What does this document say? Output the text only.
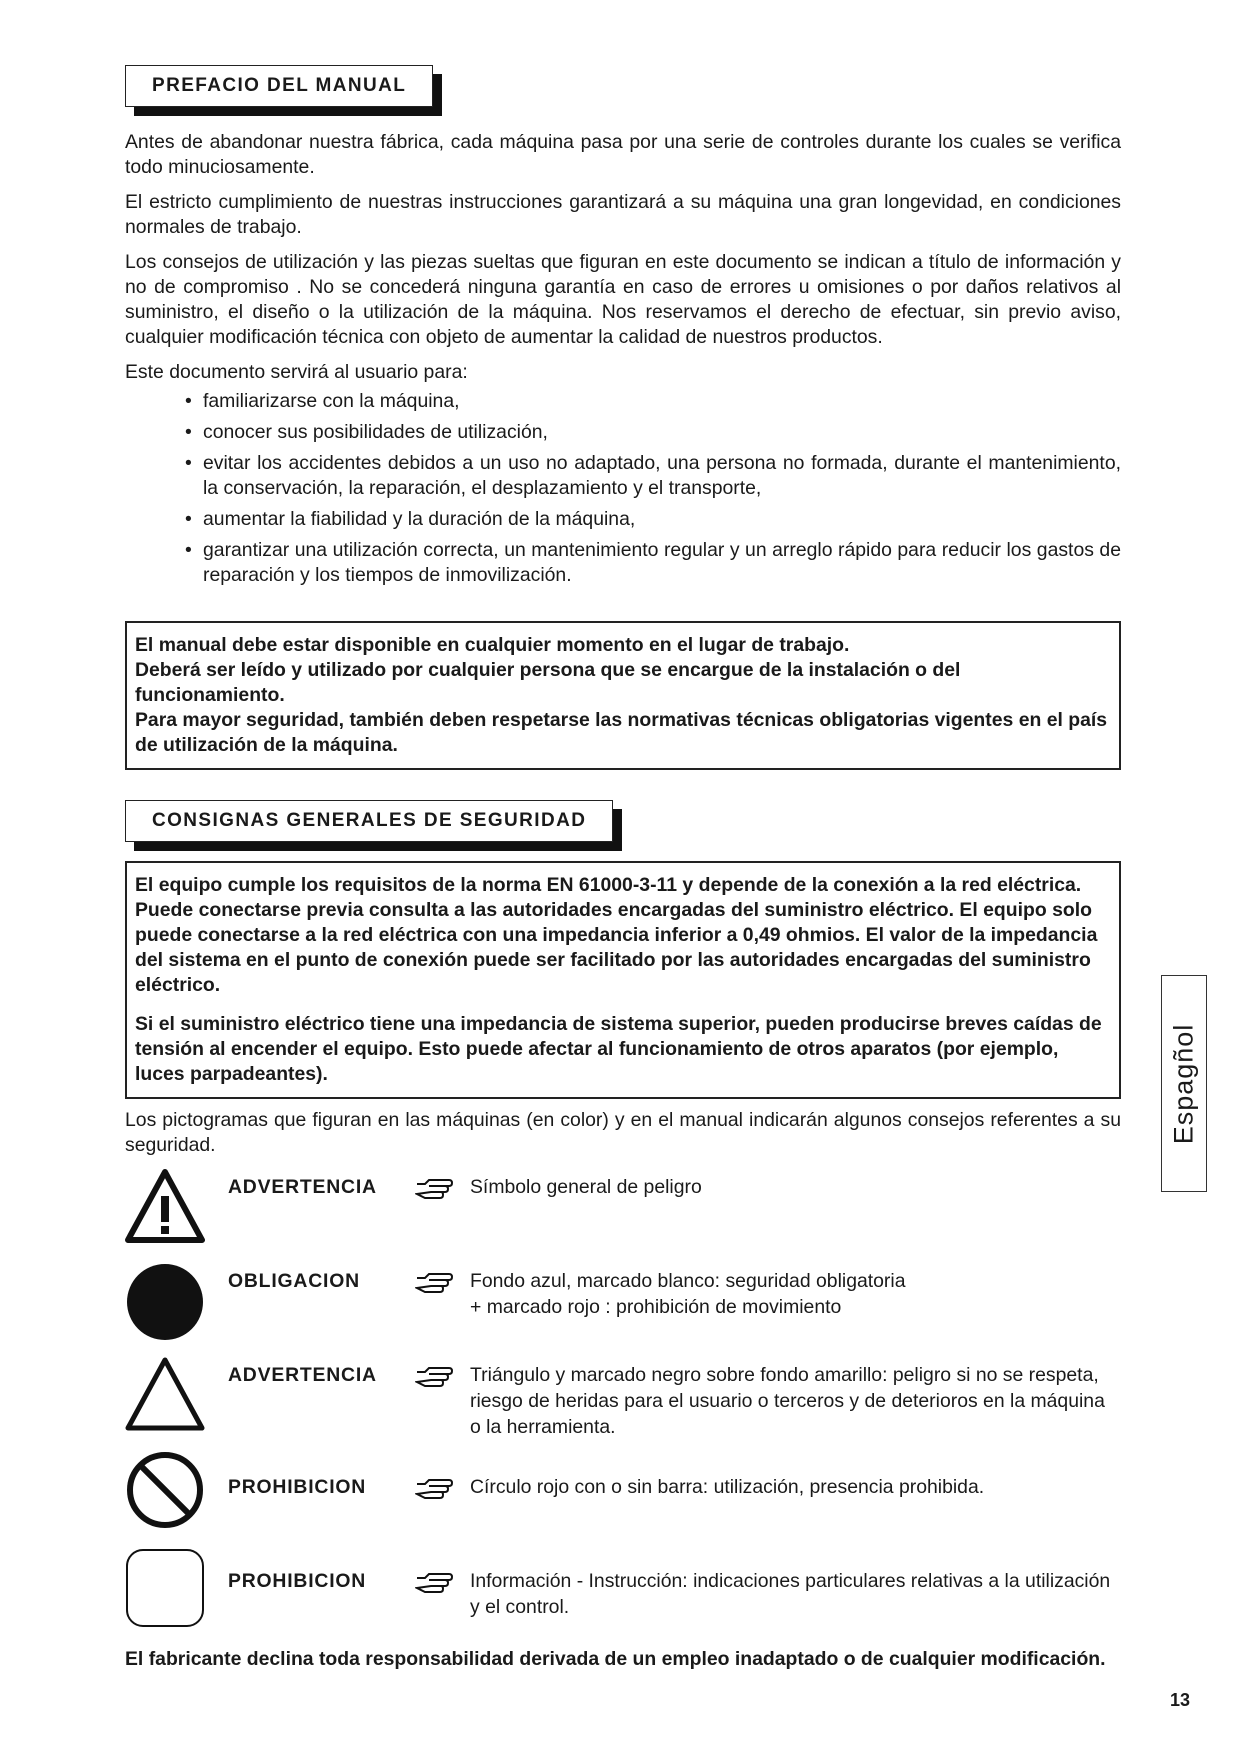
PREFACIO DEL MANUAL

Antes de abandonar nuestra fábrica, cada máquina pasa por una serie de controles durante los cuales se verifica todo minuciosamente.

El estricto cumplimiento de nuestras instrucciones garantizará a su máquina una gran longevidad, en condiciones normales de trabajo.

Los consejos de utilización y las piezas sueltas que figuran en este documento se indican a título de información y no de compromiso . No se concederá ninguna garantía en caso de errores u omisiones o por daños relativos al suministro, el diseño o la utilización de la máquina. Nos reservamos el derecho de efectuar, sin previo aviso, cualquier modificación técnica con objeto de aumentar la calidad de nuestros productos.

Este documento servirá al usuario para:

• familiarizarse con la máquina,
• conocer sus posibilidades de utilización,
• evitar los accidentes debidos a un uso no adaptado, una persona no formada, durante el mantenimiento, la conservación, la reparación, el desplazamiento y el transporte,
• aumentar la fiabilidad y la duración de la máquina,
• garantizar una utilización correcta, un mantenimiento regular y un arreglo rápido para reducir los gastos de reparación y los tiempos de inmovilización.

El manual debe estar disponible en cualquier momento en el lugar de trabajo.

Deberá ser leído y utilizado por cualquier persona que se encargue de la instalación o del funcionamiento.

Para mayor seguridad, también deben respetarse las normativas técnicas obligatorias vigentes en el país de utilización de la máquina.

CONSIGNAS GENERALES DE SEGURIDAD

El equipo cumple los requisitos de la norma EN 61000-3-11 y depende de la conexión a la red eléctrica. Puede conectarse previa consulta a las autoridades encargadas del suministro eléctrico. El equipo solo puede conectarse a la red eléctrica con una impedancia inferior a 0,49 ohmios. El valor de la impedancia del sistema en el punto de conexión puede ser facilitado por las autoridades encargadas del suministro eléctrico.

Si el suministro eléctrico tiene una impedancia de sistema superior, pueden producirse breves caídas de tensión al encender el equipo. Esto puede afectar al funcionamiento de otros aparatos (por ejemplo, luces parpadeantes).

Los pictogramas que figuran en las máquinas (en color) y en el manual indicarán algunos consejos referentes a su seguridad.

ADVERTENCIA	Símbolo general de peligro
OBLIGACION	Fondo azul, marcado blanco: seguridad obligatoria
+ marcado rojo : prohibición de movimiento
ADVERTENCIA	Triángulo y marcado negro sobre fondo amarillo: peligro si no se respeta, riesgo de heridas para el usuario o terceros y de deterioros en la máquina o la herramienta.
PROHIBICION	Círculo rojo con o sin barra: utilización, presencia prohibida.
PROHIBICION	Información - Instrucción: indicaciones particulares relativas a la utilización y el control.
El fabricante declina toda responsabilidad derivada de un empleo inadaptado o de cualquier modificación.
Espagñol
13
